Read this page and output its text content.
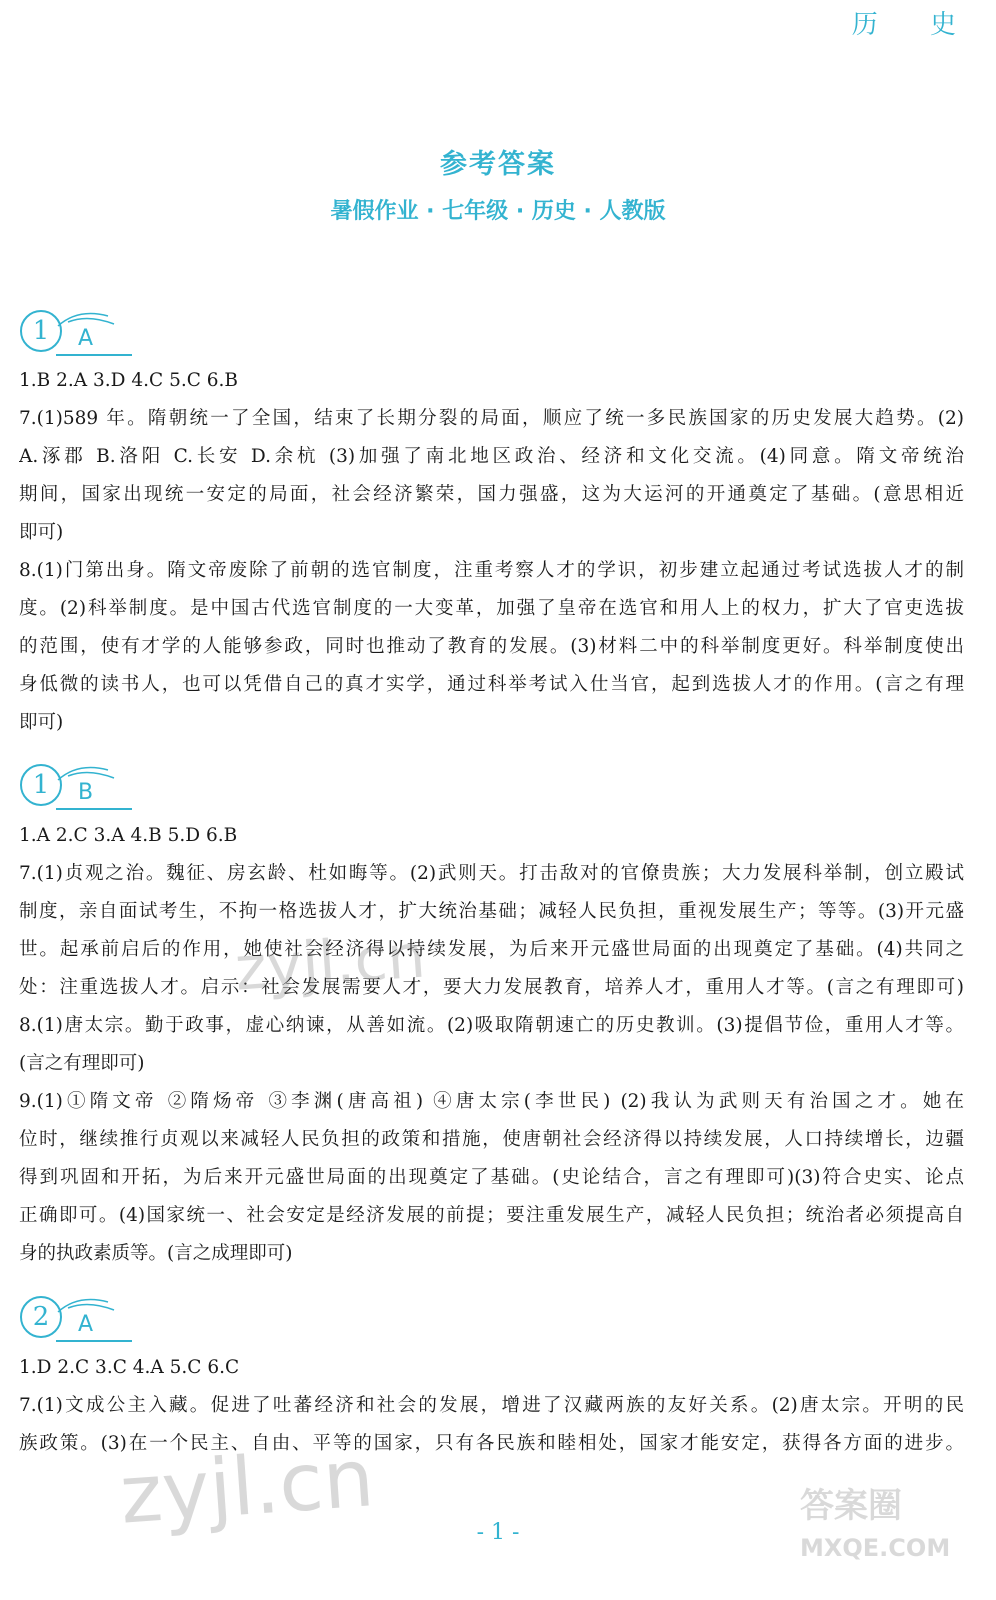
历 史
参考答案
暑假作业 · 七年级 · 历史 · 人教版
1	A
1.B 2.A 3.D 4.C 5.C 6.B
7.(1)589 年。隋朝统一了全国，结束了长期分裂的局面，顺应了统一多民族国家的历史发展大趋势。(2)
A.涿郡 B.洛阳 C.长安 D.余杭 (3)加强了南北地区政治、经济和文化交流。(4)同意。隋文帝统治
期间，国家出现统一安定的局面，社会经济繁荣，国力强盛，这为大运河的开通奠定了基础。(意思相近
即可)
8.(1)门第出身。隋文帝废除了前朝的选官制度，注重考察人才的学识，初步建立起通过考试选拔人才的制
度。(2)科举制度。是中国古代选官制度的一大变革，加强了皇帝在选官和用人上的权力，扩大了官吏选拔
的范围，使有才学的人能够参政，同时也推动了教育的发展。(3)材料二中的科举制度更好。科举制度使出
身低微的读书人，也可以凭借自己的真才实学，通过科举考试入仕当官，起到选拔人才的作用。(言之有理
即可)
1	B
1.A 2.C 3.A 4.B 5.D 6.B
7.(1)贞观之治。魏征、房玄龄、杜如晦等。(2)武则天。打击敌对的官僚贵族；大力发展科举制，创立殿试
制度，亲自面试考生，不拘一格选拔人才，扩大统治基础；减轻人民负担，重视发展生产；等等。(3)开元盛
世。起承前启后的作用，她使社会经济得以持续发展，为后来开元盛世局面的出现奠定了基础。(4)共同之
处：注重选拔人才。启示：社会发展需要人才，要大力发展教育，培养人才，重用人才等。(言之有理即可)
8.(1)唐太宗。勤于政事，虚心纳谏，从善如流。(2)吸取隋朝速亡的历史教训。(3)提倡节俭，重用人才等。
(言之有理即可)
9.(1)①隋文帝 ②隋炀帝 ③李渊(唐高祖) ④唐太宗(李世民) (2)我认为武则天有治国之才。她在
位时，继续推行贞观以来减轻人民负担的政策和措施，使唐朝社会经济得以持续发展，人口持续增长，边疆
得到巩固和开拓，为后来开元盛世局面的出现奠定了基础。(史论结合，言之有理即可)(3)符合史实、论点
正确即可。(4)国家统一、社会安定是经济发展的前提；要注重发展生产，减轻人民负担；统治者必须提高自
身的执政素质等。(言之成理即可)
2	A
1.D 2.C 3.C 4.A 5.C 6.C
7.(1)文成公主入藏。促进了吐蕃经济和社会的发展，增进了汉藏两族的友好关系。(2)唐太宗。开明的民
族政策。(3)在一个民主、自由、平等的国家，只有各民族和睦相处，国家才能安定，获得各方面的进步。
zyjl.cn
zyjl.cn	答案圈
MXQE.COM
- 1 -
